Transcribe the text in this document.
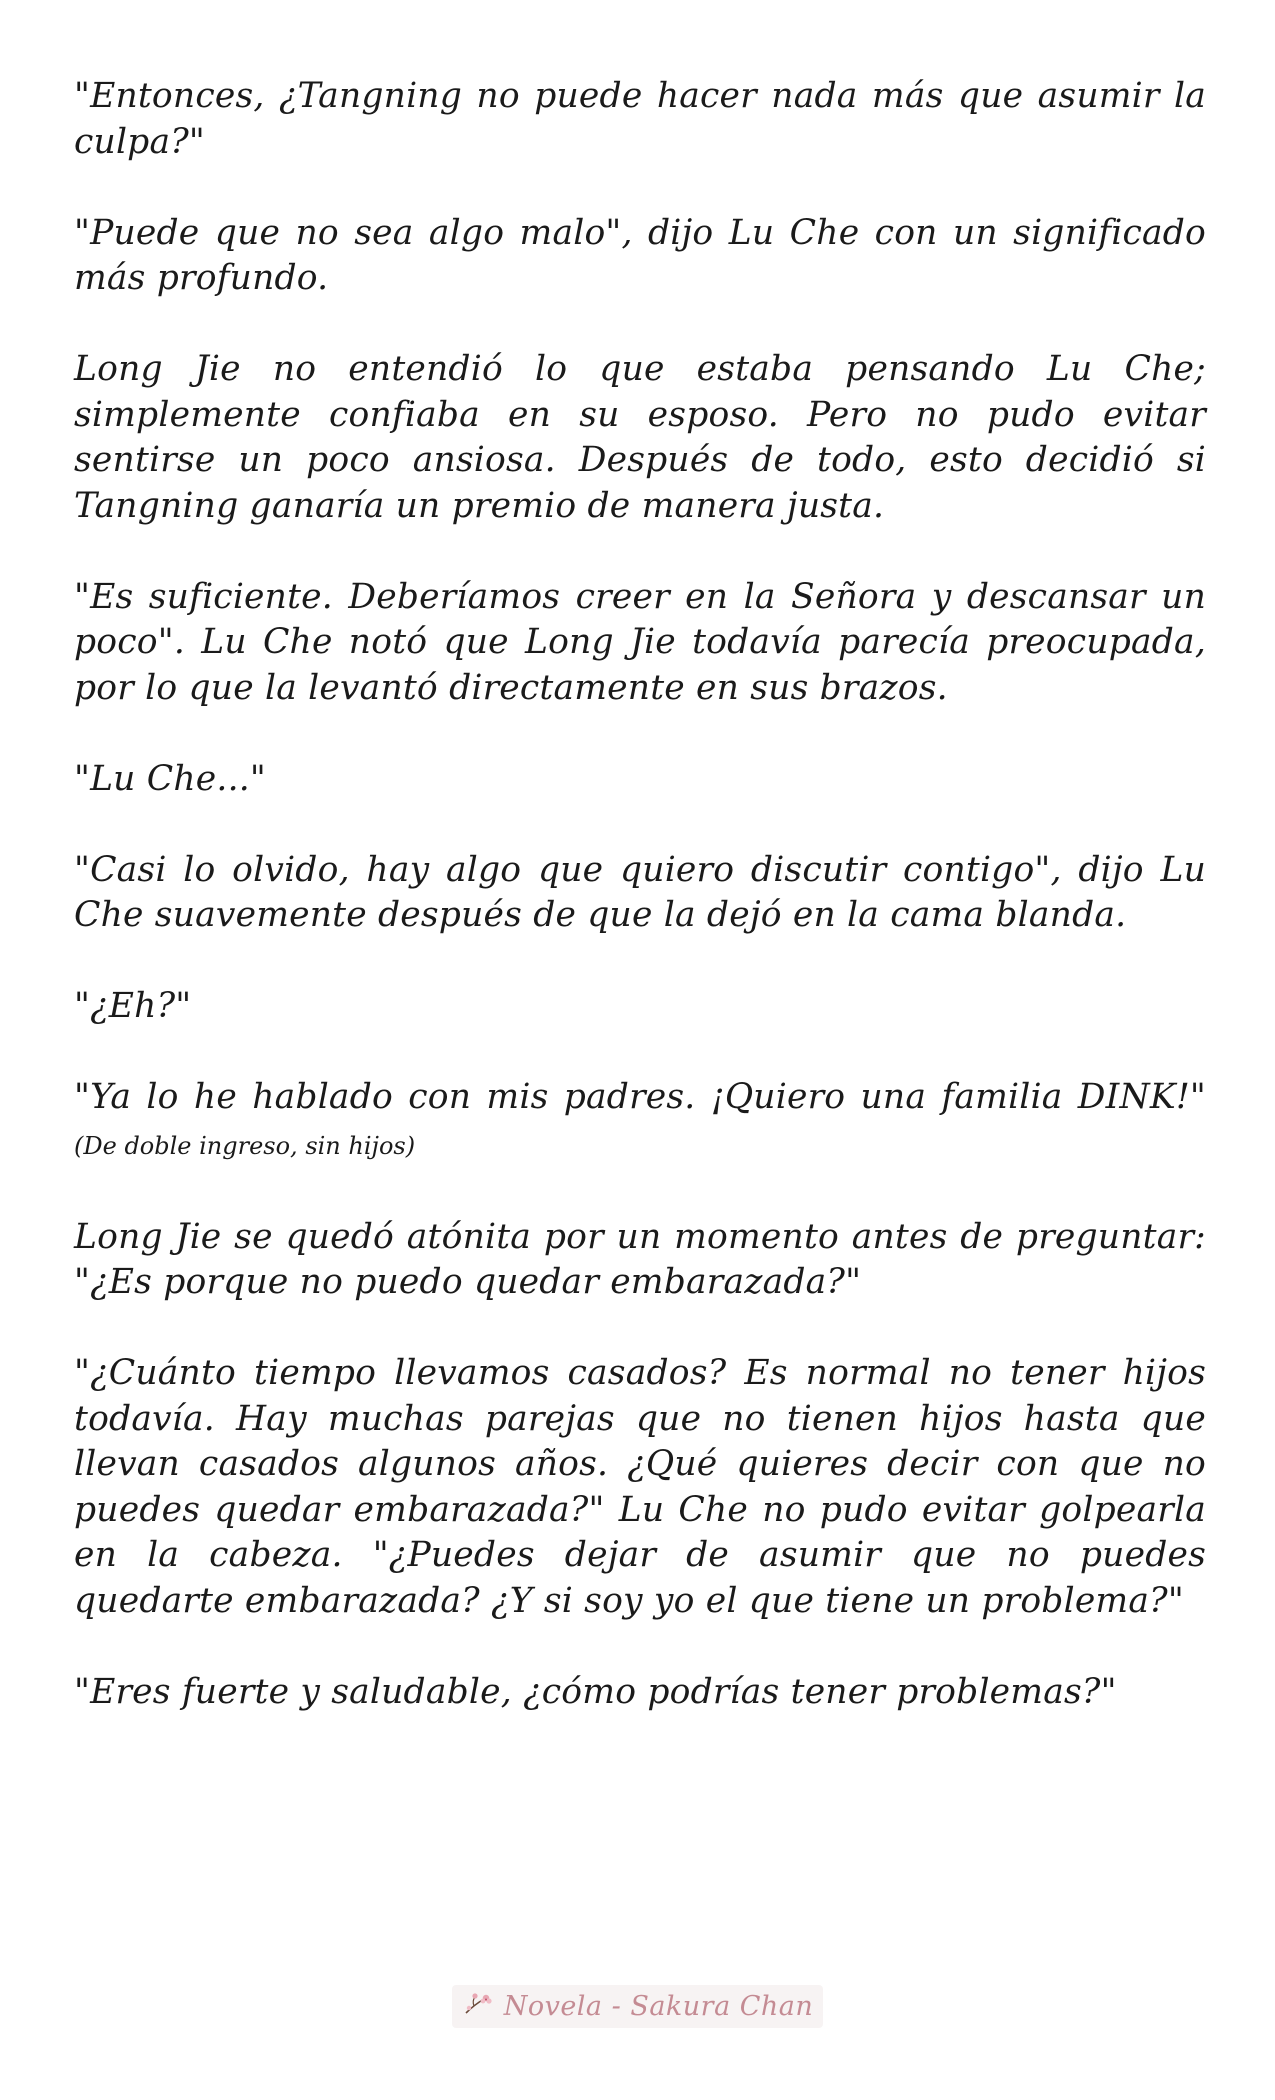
"Entonces, ¿Tangning no puede hacer nada más que asumir la culpa?"

"Puede que no sea algo malo", dijo Lu Che con un significado más profundo.

Long Jie no entendió lo que estaba pensando Lu Che; simplemente confiaba en su esposo. Pero no pudo evitar sentirse un poco ansiosa. Después de todo, esto decidió si Tangning ganaría un premio de manera justa.

"Es suficiente. Deberíamos creer en la Señora y descansar un poco". Lu Che notó que Long Jie todavía parecía preocupada, por lo que la levantó directamente en sus brazos.

"Lu Che..."

"Casi lo olvido, hay algo que quiero discutir contigo", dijo Lu Che suavemente después de que la dejó en la cama blanda.

"¿Eh?"

"Ya lo he hablado con mis padres. ¡Quiero una familia DINK!" (De doble ingreso, sin hijos)

Long Jie se quedó atónita por un momento antes de preguntar: "¿Es porque no puedo quedar embarazada?"

"¿Cuánto tiempo llevamos casados? Es normal no tener hijos todavía. Hay muchas parejas que no tienen hijos hasta que llevan casados algunos años. ¿Qué quieres decir con que no puedes quedar embarazada?" Lu Che no pudo evitar golpearla en la cabeza. "¿Puedes dejar de asumir que no puedes quedarte embarazada? ¿Y si soy yo el que tiene un problema?"

"Eres fuerte y saludable, ¿cómo podrías tener problemas?"

Novela - Sakura Chan
